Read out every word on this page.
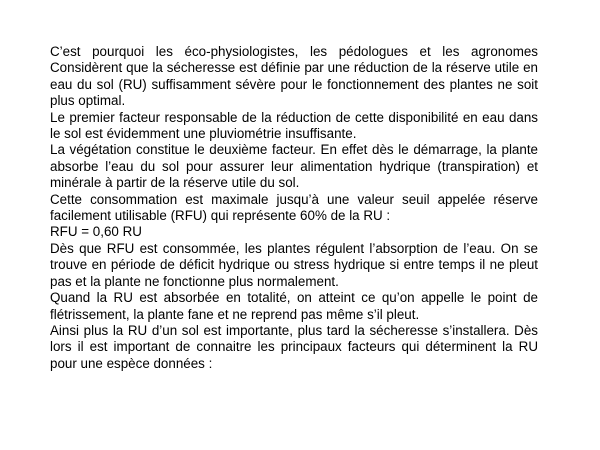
C’est pourquoi les éco-physiologistes, les pédologues et les agronomes Considèrent que la sécheresse est définie par une réduction de la réserve utile en eau du sol (RU) suffisamment sévère pour le fonctionnement des plantes ne soit plus optimal.

Le premier facteur responsable de la réduction de cette disponibilité en eau dans le sol est évidemment une pluviométrie insuffisante.

La végétation constitue le deuxième facteur. En effet dès le démarrage, la plante absorbe l’eau du sol pour assurer leur alimentation hydrique (transpiration) et minérale à partir de la réserve utile du sol.

Cette consommation est maximale jusqu’à une valeur seuil appelée réserve facilement utilisable (RFU) qui représente 60% de la RU :

RFU = 0,60 RU

Dès que RFU est consommée, les plantes régulent l’absorption de l’eau. On se trouve en période de déficit hydrique ou stress hydrique si entre temps il ne pleut pas et la plante ne fonctionne plus normalement.

Quand la RU est absorbée en totalité, on atteint ce qu’on appelle le point de flétrissement, la plante fane et ne reprend pas même s’il pleut.

Ainsi plus la RU d’un sol est importante, plus tard la sécheresse s’installera. Dès lors il est important de connaitre les principaux facteurs qui déterminent la RU pour une espèce données :
